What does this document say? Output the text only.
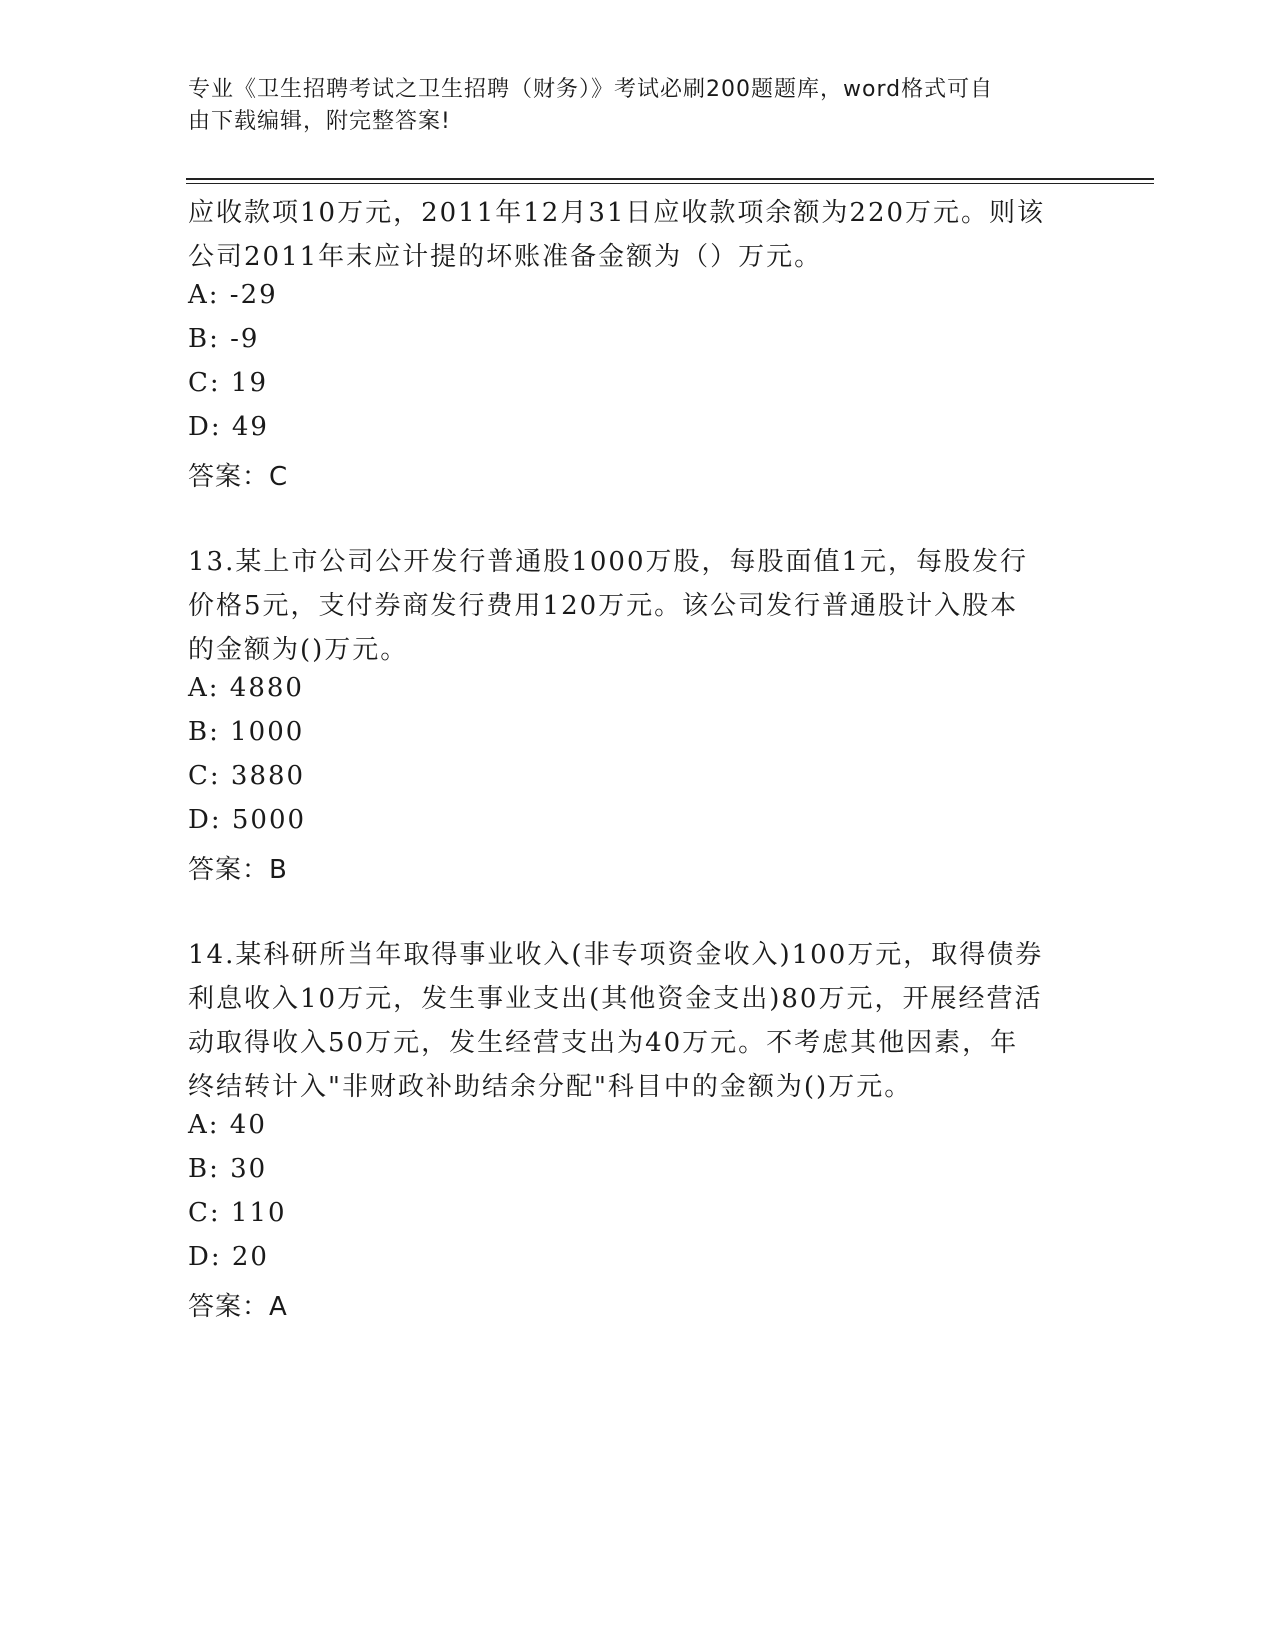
专业《卫生招聘考试之卫生招聘（财务）》考试必刷200题题库，word格式可自
由下载编辑，附完整答案!
应收款项10万元，2011年12月31日应收款项余额为220万元。则该
公司2011年末应计提的坏账准备金额为（）万元。
A: -29
B: -9
C: 19
D: 49
答案：C
13.某上市公司公开发行普通股1000万股，每股面值1元，每股发行
价格5元，支付券商发行费用120万元。该公司发行普通股计入股本
的金额为()万元。
A: 4880
B: 1000
C: 3880
D: 5000
答案：B
14.某科研所当年取得事业收入(非专项资金收入)100万元，取得债券
利息收入10万元，发生事业支出(其他资金支出)80万元，开展经营活
动取得收入50万元，发生经营支出为40万元。不考虑其他因素，年
终结转计入"非财政补助结余分配"科目中的金额为()万元。
A: 40
B: 30
C: 110
D: 20
答案：A
